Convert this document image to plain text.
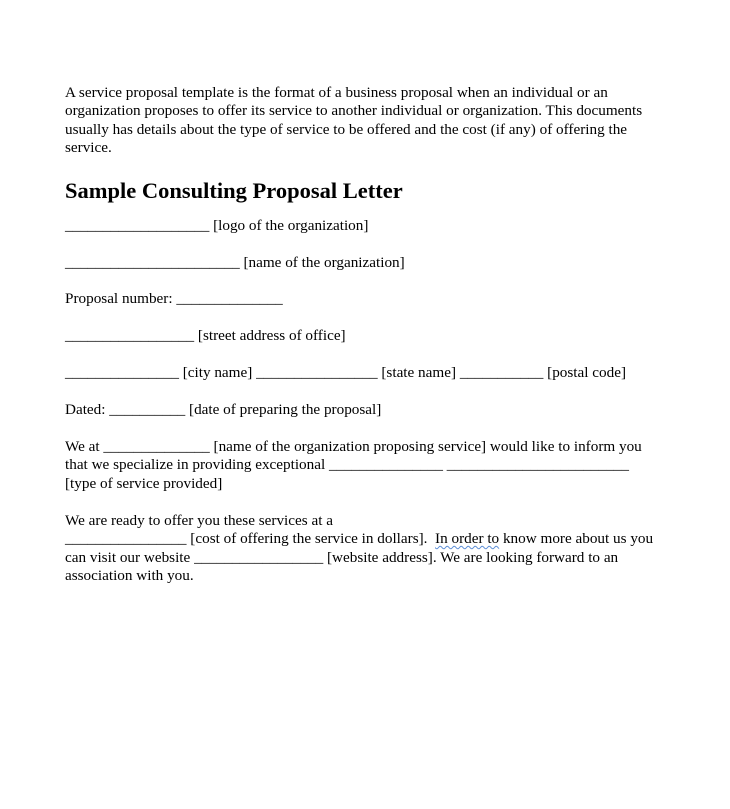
A service proposal template is the format of a business proposal when an individual or an organization proposes to offer its service to another individual or organization. This documents usually has details about the type of service to be offered and the cost (if any) of offering the service.

Sample Consulting Proposal Letter

___________________ [logo of the organization]

_______________________ [name of the organization]

Proposal number: ______________

_________________ [street address of office]

_______________ [city name] ________________ [state name] ___________ [postal code]

Dated: __________ [date of preparing the proposal]

We at ______________ [name of the organization proposing service] would like to inform you that we specialize in providing exceptional _______________ ________________________ [type of service provided]

We are ready to offer you these services at a ________________ [cost of offering the service in dollars].  In order to know more about us you can visit our website _________________ [website address]. We are looking forward to an association with you.
